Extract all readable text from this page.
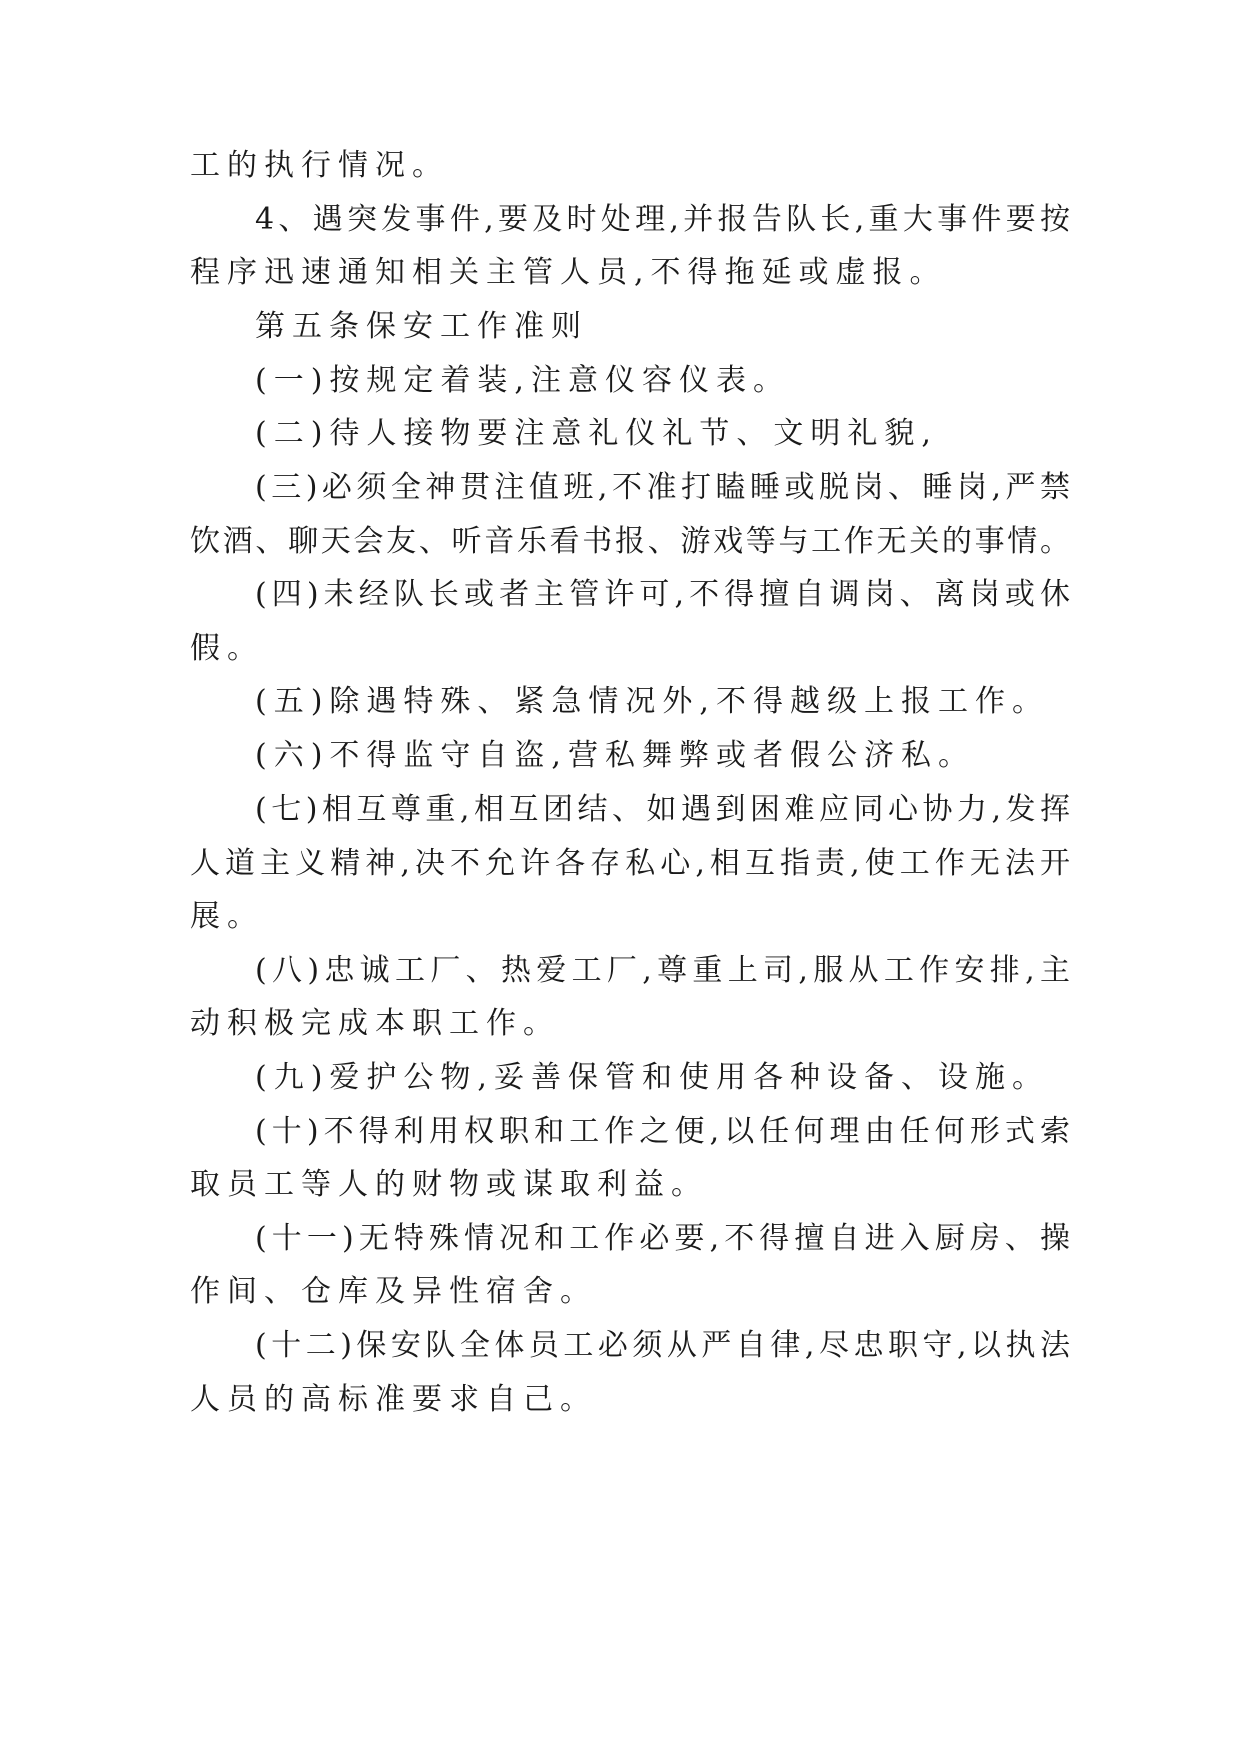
工的执行情况。
4、遇突发事件,要及时处理,并报告队长,重大事件要按
程序迅速通知相关主管人员,不得拖延或虚报。
第五条保安工作准则
(一)按规定着装,注意仪容仪表。
(二)待人接物要注意礼仪礼节、文明礼貌,
(三)必须全神贯注值班,不准打瞌睡或脱岗、睡岗,严禁
饮酒、聊天会友、听音乐看书报、游戏等与工作无关的事情。
(四)未经队长或者主管许可,不得擅自调岗、离岗或休
假。
(五)除遇特殊、紧急情况外,不得越级上报工作。
(六)不得监守自盗,营私舞弊或者假公济私。
(七)相互尊重,相互团结、如遇到困难应同心协力,发挥
人道主义精神,决不允许各存私心,相互指责,使工作无法开
展。
(八)忠诚工厂、热爱工厂,尊重上司,服从工作安排,主
动积极完成本职工作。
(九)爱护公物,妥善保管和使用各种设备、设施。
(十)不得利用权职和工作之便,以任何理由任何形式索
取员工等人的财物或谋取利益。
(十一)无特殊情况和工作必要,不得擅自进入厨房、操
作间、仓库及异性宿舍。
(十二)保安队全体员工必须从严自律,尽忠职守,以执法
人员的高标准要求自己。
